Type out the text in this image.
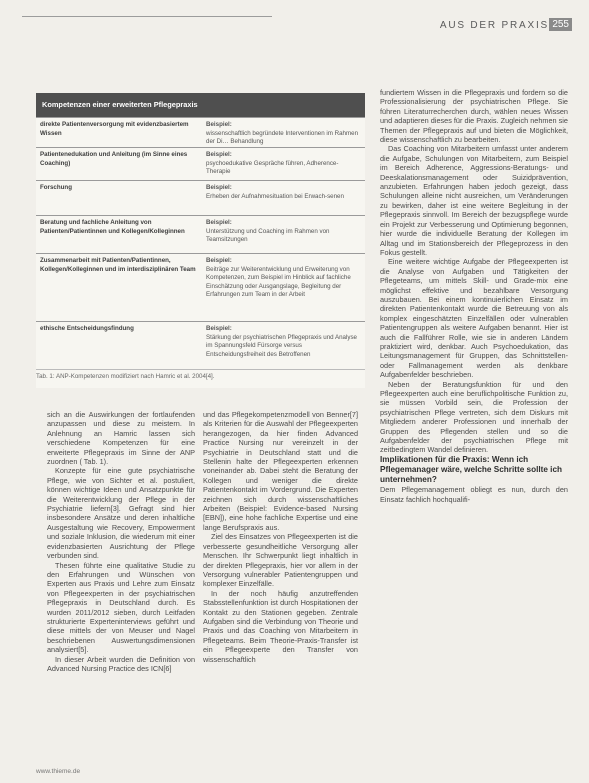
AUS DER PRAXIS 255
Kompetenzen einer erweiterten Pflegepraxis
direkte Patientenversorgung mit evidenzbasiertem Wissen
Beispiel:
wissenschaftlich begründete Interventionen im Rahmen der Di… Behandlung
Patientenedukation und Anleitung (im Sinne eines Coaching)
Beispiel:
psychoedukative Gespräche führen, Adherence-Therapie
Forschung	Beispiel:
Erheben der Aufnahmesituation bei Erwach-senen
Beratung und fachliche Anleitung von Patienten/Patientinnen und Kollegen/Kolleginnen
Beispiel:
Unterstützung und Coaching im Rahmen von Teamsitzungen
Zusammenarbeit mit Patienten/Patientinnen, Kollegen/Kolleginnen und im interdisziplinären Team
Beispiel:
Beiträge zur Weiterentwicklung und Erweiterung von Kompetenzen, zum Beispiel im Hinblick auf fachliche Einschätzung oder Ausgangslage, Begleitung der Erfahrungen zum Team in der Arbeit
ethische Entscheidungsfindung	Beispiel:
Stärkung der psychiatrischen Pflegepraxis und Analyse im Spannungsfeld Fürsorge versus Entscheidungsfreiheit des Betroffenen
Tab. 1: ANP-Kompetenzen modifiziert nach Hamric et al. 2004[4].

sich an die Auswirkungen der fortlaufenden anzupassen und diese zu meistern. In Anlehnung an Hamric lassen sich verschiedene Kompetenzen für eine erweiterte Pflegepraxis im Sinne der ANP zuordnen ( Tab. 1).

Konzepte für eine gute psychiatrische Pflege, wie von Sichter et al. postuliert, können wichtige Ideen und Ansatzpunkte für die Weiterentwicklung der Pflege in der Psychiatrie liefern[3]. Gefragt sind hier insbesondere Ansätze und deren inhaltliche Ausgestaltung wie Recovery, Empowerment und soziale Inklusion, die wiederum mit einer evidenzbasierten Ausrichtung der Pflege verbunden sind.

Thesen führte eine qualitative Studie zu den Erfahrungen und Wünschen von Experten aus Praxis und Lehre zum Einsatz von Pflegeexperten in der psychiatrischen Pflegepraxis in Deutschland durch. Es wurden 2011/2012 sieben, durch Leitfaden strukturierte Experteninterviews geführt und diese mittels der von Meuser und Nagel beschriebenen Auswertungsdimensionen analysiert[5].

In dieser Arbeit wurden die Definition von Advanced Nursing Practice des ICN[6]

und das Pflegekompetenzmodell von Benner[7] als Kriterien für die Auswahl der Pflegeexperten herangezogen, da hier finden Advanced Practice Nursing nur vereinzelt in der Psychiatrie in Deutschland statt und die Stellenin halte der Pflegeexperten erkennen voneinander ab. Dabei steht die Beratung der Kollegen und weniger die direkte Patientenkontakt im Vordergrund. Die Experten zeichnen sich durch wissenschaftliches Arbeiten (Beispiel: Evidence-based Nursing [EBN]), eine hohe fachliche Expertise und eine lange Berufspraxis aus.

Ziel des Einsatzes von Pflegeexperten ist die verbesserte gesundheitliche Versorgung aller Menschen. Ihr Schwerpunkt liegt inhaltlich in der direkten Pflegepraxis, hier vor allem in der Versorgung vulnerabler Patientengruppen und komplexer Einzelfälle.

In der noch häufig anzutreffenden Stabsstellenfunktion ist durch Hospitationen der Kontakt zu den Stationen gegeben. Zentrale Aufgaben sind die Verbindung von Theorie und Praxis und das Coaching von Mitarbeitern in Pflegeteams. Beim Theorie-Praxis-Transfer ist ein Pflegeexperte den Transfer von wissenschaftlich

fundiertem Wissen in die Pflegepraxis und fordern so die Professionalisierung der psychiatrischen Pflege. Sie führen Literaturrecherchen durch, wählen neues Wissen und adaptieren dieses für die Praxis. Zugleich nehmen sie Themen der Pflegepraxis auf und bieten die Möglichkeit, diese wissenschaftlich zu bearbeiten.

Das Coaching von Mitarbeitern umfasst unter anderem die Aufgabe, Schulungen von Mitarbeitern, zum Beispiel im Bereich Adherence, Aggressions-Beratungs- und Deeskalationsmanagement oder Suizidprävention, anzubieten. Erfahrungen haben jedoch gezeigt, dass Schulungen alleine nicht ausreichen, um Veränderungen zu bewirken, daher ist eine weitere Begleitung in der Pflegepraxis sinnvoll. Im Bereich der bezugspflege wurde ein Projekt zur Verbesserung und Optimierung begonnen, hier wurde die individuelle Beratung der Kollegen im Alltag und im Stationsbereich der Pflegeprozess in den Fokus gestellt.

Eine weitere wichtige Aufgabe der Pflegeexperten ist die Analyse von Aufgaben und Tätigkeiten der Pflegeteams, um mittels Skill- und Grade-mix eine möglichst effektive und bezahlbare Versorgung auszubauen. Bei einem kontinuierlichen Einsatz im direkten Patientenkontakt wurde die Betreuung von als komplex eingeschätzten Einzelfällen oder vulnerablen Patientengruppen als weitere Aufgaben benannt. Hier ist auch die Fallführer Rolle, wie sie in anderen Ländern praktiziert wird, denkbar. Auch Psychoedukation, das Leitungsmanagement für Gruppen, das Schnittstellen- oder Fallmanagement werden als denkbare Aufgabenfelder beschrieben.

Neben der Beratungsfunktion für und den Pflegeexperten auch eine beruflichpolitische Funktion zu, sie müssen Vorbild sein, die Profession der psychiatrischen Pflege vertreten, sich dem Diskurs mit Mitgliedern anderer Professionen und innerhalb der Gruppen des Pflegenden stellen und so die Aufgabenfelder der psychiatrischen Pflege mit zeitbedingtem Wandel definieren.

Implikationen für die Praxis: Wenn ich Pflegemanager wäre, welche Schritte sollte ich unternehmen?

Dem Pflegemanagement obliegt es nun, durch den Einsatz fachlich hochqualifi-

www.thieme.de
